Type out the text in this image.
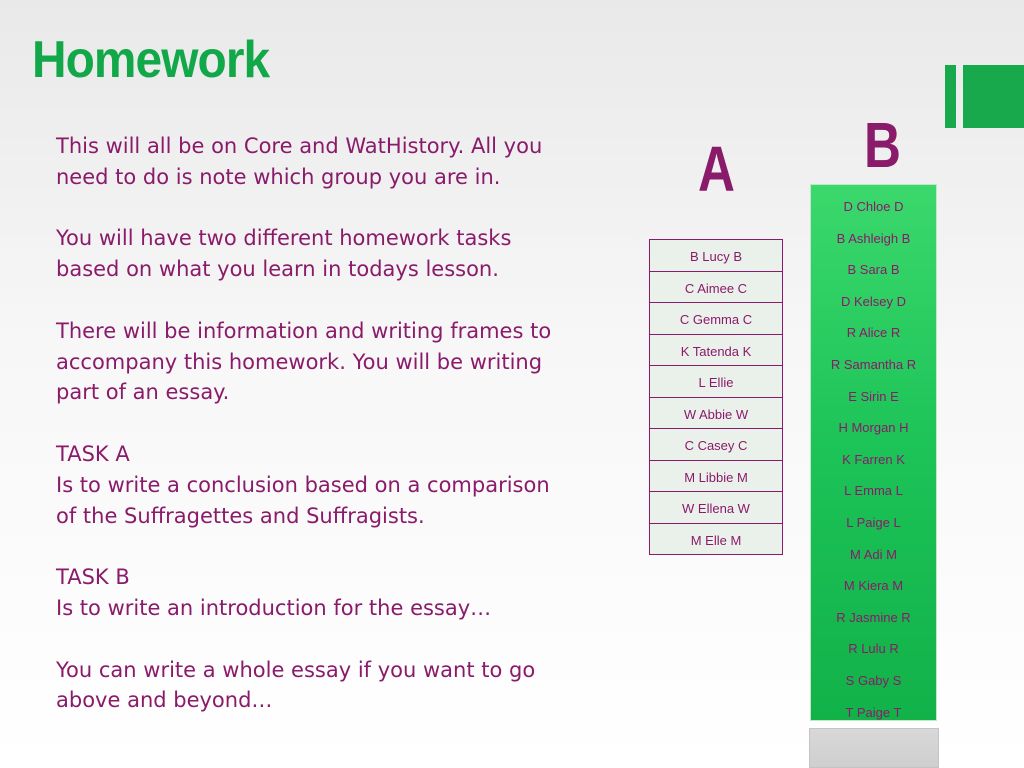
Homework

This will all be on Core and WatHistory. All you need to do is note which group you are in.

You will have two different homework tasks based on what you learn in todays lesson.

There will be information and writing frames to accompany this homework. You will be writing part of an essay.

TASK A

Is to write a conclusion based on a comparison of the Suffragettes and Suffragists.

TASK B

Is to write an introduction for the essay…

You can write a whole essay if you want to go above and beyond…

A B
B Lucy B
C Aimee C
C Gemma C
K Tatenda K
L Ellie
W Abbie W
C Casey C
M Libbie M
W Ellena W
M Elle M
D Chloe D
B Ashleigh B
B Sara B
D Kelsey D
R Alice R
R Samantha R
E Sirin E
H Morgan H
K Farren K
L Emma L
L Paige L
M Adi M
M Kiera M
R Jasmine R
R Lulu R
S Gaby S
T Paige T
